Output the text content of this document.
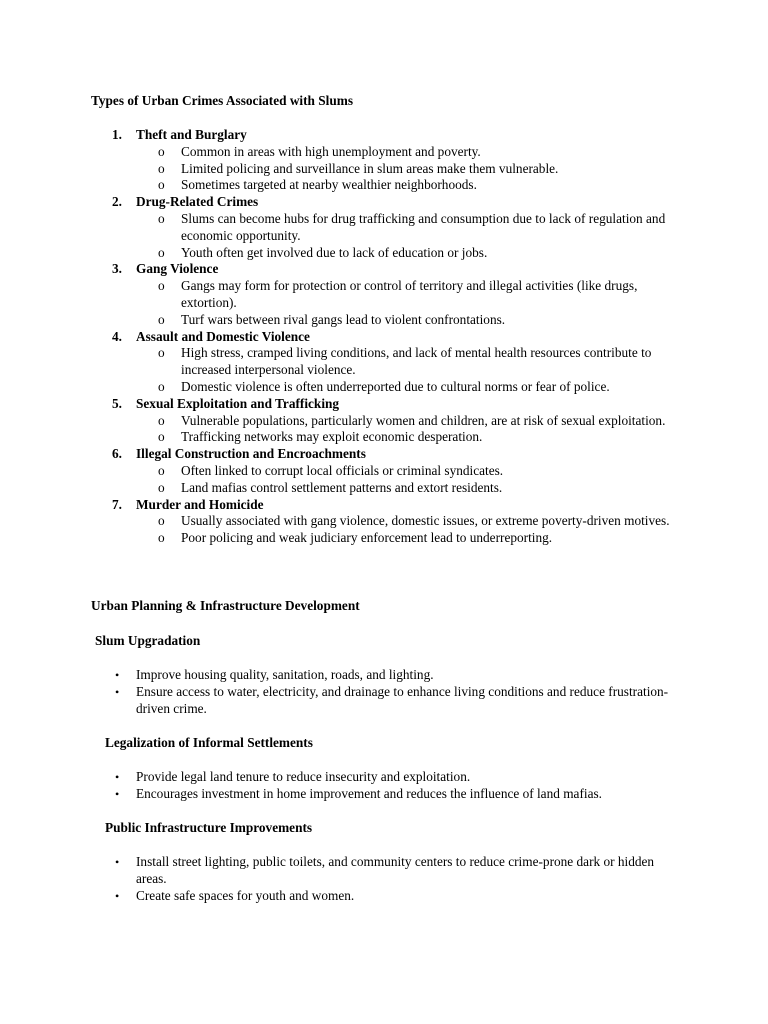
Types of Urban Crimes Associated with Slums
1. Theft and Burglary
o Common in areas with high unemployment and poverty.
o Limited policing and surveillance in slum areas make them vulnerable.
o Sometimes targeted at nearby wealthier neighborhoods.
2. Drug-Related Crimes
o Slums can become hubs for drug trafficking and consumption due to lack of regulation and economic opportunity.
o Youth often get involved due to lack of education or jobs.
3. Gang Violence
o Gangs may form for protection or control of territory and illegal activities (like drugs, extortion).
o Turf wars between rival gangs lead to violent confrontations.
4. Assault and Domestic Violence
o High stress, cramped living conditions, and lack of mental health resources contribute to increased interpersonal violence.
o Domestic violence is often underreported due to cultural norms or fear of police.
5. Sexual Exploitation and Trafficking
o Vulnerable populations, particularly women and children, are at risk of sexual exploitation.
o Trafficking networks may exploit economic desperation.
6. Illegal Construction and Encroachments
o Often linked to corrupt local officials or criminal syndicates.
o Land mafias control settlement patterns and extort residents.
7. Murder and Homicide
o Usually associated with gang violence, domestic issues, or extreme poverty-driven motives.
o Poor policing and weak judiciary enforcement lead to underreporting.
Urban Planning & Infrastructure Development
Slum Upgradation
• Improve housing quality, sanitation, roads, and lighting.
• Ensure access to water, electricity, and drainage to enhance living conditions and reduce frustration-driven crime.
Legalization of Informal Settlements
• Provide legal land tenure to reduce insecurity and exploitation.
• Encourages investment in home improvement and reduces the influence of land mafias.
Public Infrastructure Improvements
• Install street lighting, public toilets, and community centers to reduce crime-prone dark or hidden areas.
• Create safe spaces for youth and women.
